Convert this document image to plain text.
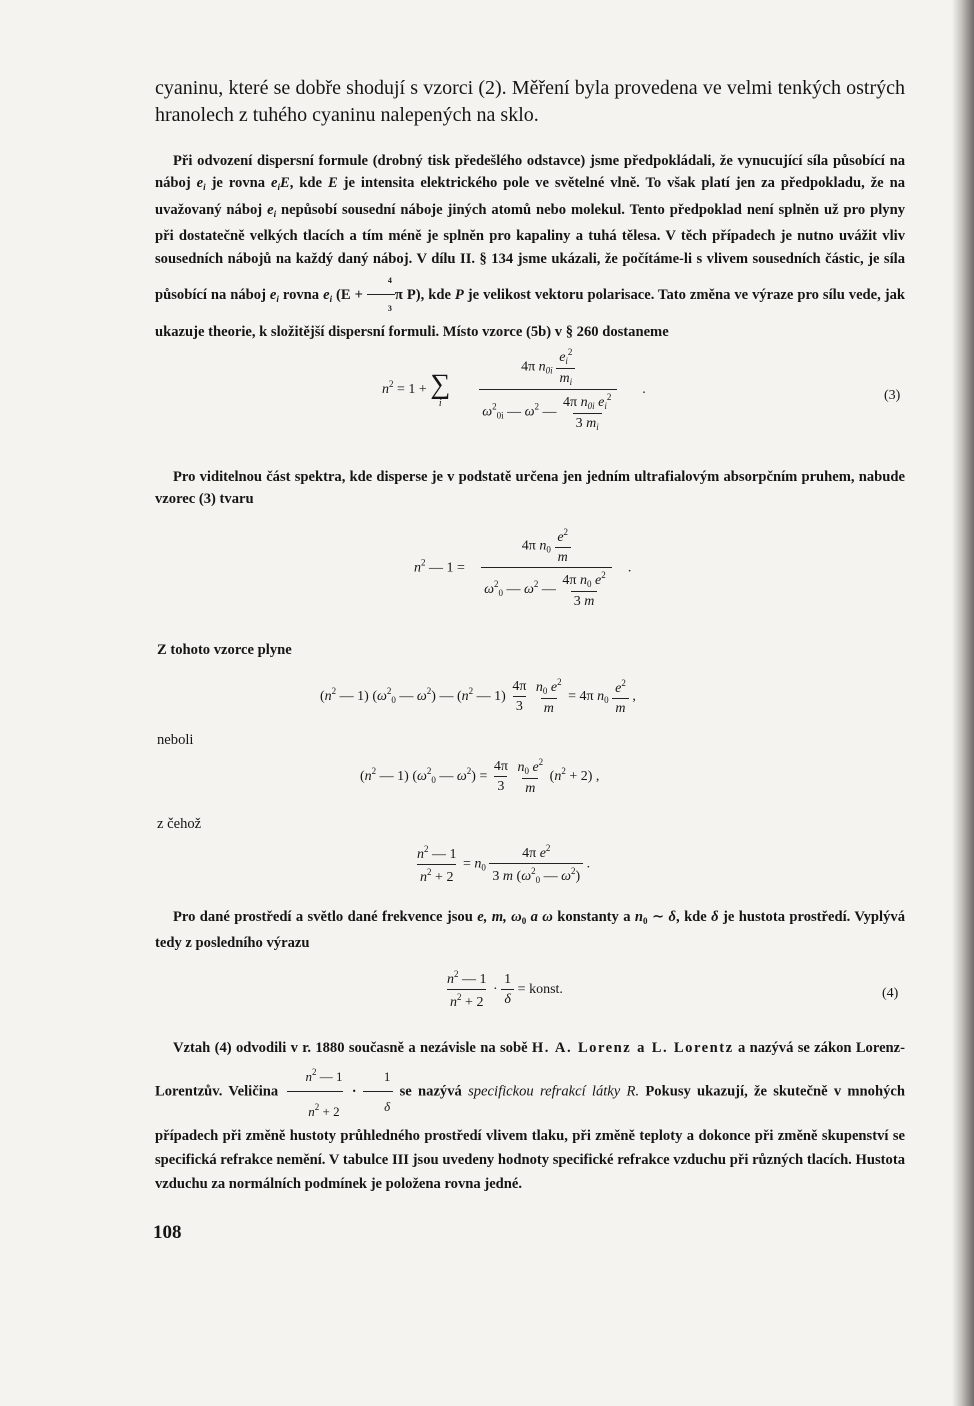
cyaninu, které se dobře shodují s vzorci (2). Měření byla provedena ve velmi tenkých ostrých hranolech z tuhého cyaninu nalepených na sklo.

Při odvození dispersní formule (drobný tisk předešlého odstavce) jsme předpokládali, že vynucující síla působící na náboj $e_i$ je rovna $e_iE$, kde E je intensita elektrického pole ve světelné vlně. To však platí jen za předpokladu, že na uvažovaný náboj $e_i$ nepůsobí sousední náboje jiných atomů nebo molekul. Tento předpoklad není splněn už pro plyny při dostatečně velkých tlacích a tím méně je splněn pro kapaliny a tuhá tělesa. V těch případech je nutno uvážit vliv sousedních nábojů na každý daný náboj. V dílu II. § 134 jsme ukázali, že počítáme-li s vlivem sousedních částic, je síla působící na náboj $e_i$ rovna $e_i$ ($E + \frac{4}{3}$ π P), kde P je velikost vektoru polarisace. Tato změna ve výraze pro sílu vede, jak ukazuje theorie, k složitější dispersní formuli. Místo vzorce (5b) v § 260 dostaneme

$n^2 = 1$ + ∑
i
$\frac{4\pi n_{0i} \frac{e_i^2}{m_i}}{\omega^2_{0i} — \omega^2 — \frac{4\pi n_{0i} e_i^2}{3 m_i}}$ .	(3)

Pro viditelnou část spektra, kde disperse je v podstatě určena jen jedním ultrafialovým absorpčním pruhem, nabude vzorec (3) tvaru

$n^2$ — $1 = \frac{4\pi n_0 \frac{e^2}{m}}{\omega^2_0 — \omega^2 — \frac{4\pi n_0 e^2}{3 m}}$ .
Z tohoto vzorce plyne
($n^2$ — 1) ($\omega^2_0$ — $\omega^2$) — ($n^2$ — $1) \frac{4\pi}{3}$
$\frac{n_0 e^2}{m} = 4\pi$ $n_0 \frac{e^2}{m}$ ,
neboli
($n^2$ — 1) ($\omega^2_0$ — $\omega^2) = \frac{4\pi}{3}$
$\frac{n_0 e^2}{m} (n^2 + 2)$ ,
z čehož
$\frac{n^2 — 1}{n^2 + 2} = n_0 \frac{4\pi e^2}{3 m (\omega^2_0 — \omega^2)}$ .

Pro dané prostředí a světlo dané frekvence jsou e, m, $\omega_0$ a ω konstanty a $n_0$ ∼ δ, kde δ je hustota prostředí. Vyplývá tedy z posledního výrazu

$\frac{n^2 — 1}{n^2 + 2} \cdot \frac{1}{\delta}$ = konst.	(4)

Vztah (4) odvodili v r. 1880 současně a nezávisle na sobě H. A. Lorenz a L. Lorentz a nazývá se zákon Lorenz-Lorentzův. Veličina $\frac{n^2 — 1}{n^2 + 2} \cdot \frac{1}{\delta}$ se nazývá specifickou refrakcí látky R. Pokusy ukazují, že skutečně v mnohých případech při změně hustoty průhledného prostředí vlivem tlaku, při změně teploty a dokonce při změně skupenství se specifická refrakce nemění. V tabulce III jsou uvedeny hodnoty specifické refrakce vzduchu při různých tlacích. Hustota vzduchu za normálních podmínek je položena rovna jedné.

108
